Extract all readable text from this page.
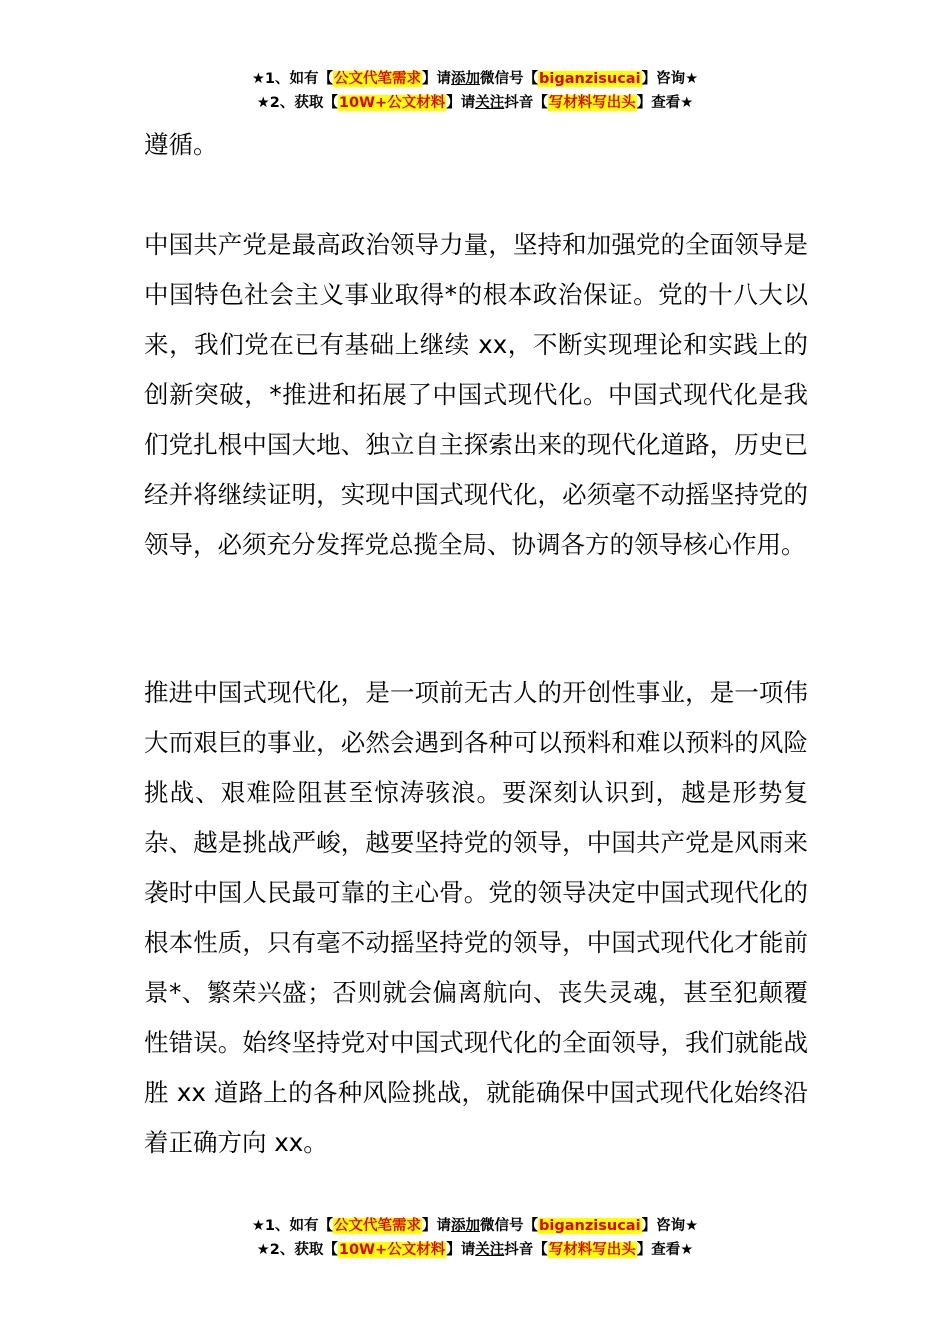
★1、如有【公文代笔需求】请添加微信号【biganzisucai】咨询★
★2、获取【10W+公文材料】请关注抖音【写材料写出头】查看★

遵循。

中国共产党是最高政治领导力量，坚持和加强党的全面领导是中国特色社会主义事业取得*的根本政治保证。党的十八大以来，我们党在已有基础上继续 xx，不断实现理论和实践上的创新突破，*推进和拓展了中国式现代化。中国式现代化是我们党扎根中国大地、独立自主探索出来的现代化道路，历史已经并将继续证明，实现中国式现代化，必须毫不动摇坚持党的领导，必须充分发挥党总揽全局、协调各方的领导核心作用。

推进中国式现代化，是一项前无古人的开创性事业，是一项伟大而艰巨的事业，必然会遇到各种可以预料和难以预料的风险挑战、艰难险阻甚至惊涛骇浪。要深刻认识到，越是形势复杂、越是挑战严峻，越要坚持党的领导，中国共产党是风雨来袭时中国人民最可靠的主心骨。党的领导决定中国式现代化的根本性质，只有毫不动摇坚持党的领导，中国式现代化才能前景*、繁荣兴盛；否则就会偏离航向、丧失灵魂，甚至犯颠覆性错误。始终坚持党对中国式现代化的全面领导，我们就能战胜 xx 道路上的各种风险挑战，就能确保中国式现代化始终沿着正确方向 xx。

★1、如有【公文代笔需求】请添加微信号【biganzisucai】咨询★
★2、获取【10W+公文材料】请关注抖音【写材料写出头】查看★
